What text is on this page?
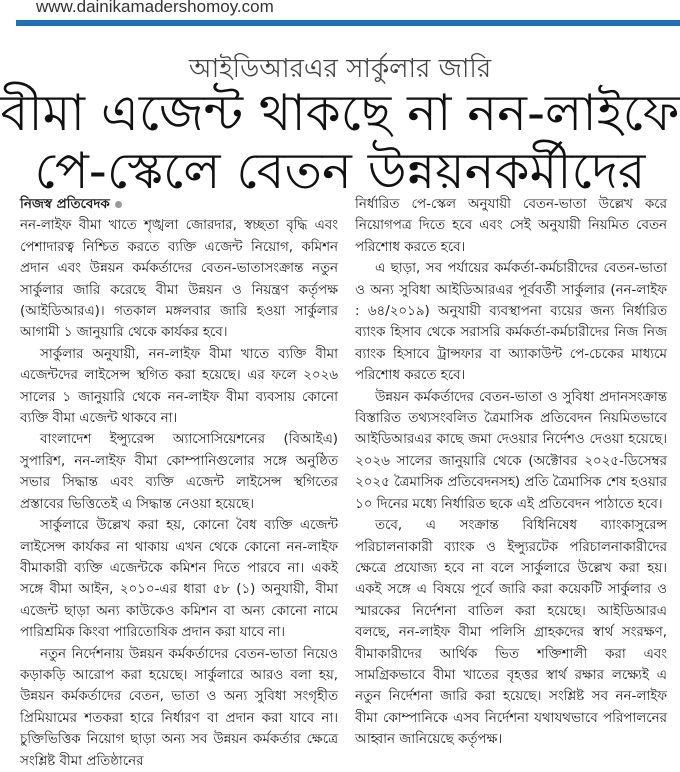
www.dainikamadershomoy.com
আইডিআরএর সার্কুলার জারি
বীমা এজেন্ট থাকছে না নন-লাইফে
পে-স্কেলে বেতন উন্নয়নকর্মীদের
নিজস্ব প্রতিবেদক

নন-লাইফ বীমা খাতে শৃঙ্খলা জোরদার, স্বচ্ছতা বৃদ্ধি এবং পেশাদারত্ব নিশ্চিত করতে ব্যক্তি এজেন্ট নিয়োগ, কমিশন প্রদান এবং উন্নয়ন কর্মকর্তাদের বেতন-ভাতাসংক্রান্ত নতুন সার্কুলার জারি করেছে বীমা উন্নয়ন ও নিয়ন্ত্রণ কর্তৃপক্ষ (আইডিআরএ)। গতকাল মঙ্গলবার জারি হওয়া সার্কুলার আগামী ১ জানুয়ারি থেকে কার্যকর হবে।

সার্কুলার অনুযায়ী, নন-লাইফ বীমা খাতে ব্যক্তি বীমা এজেন্টদের লাইসেন্স স্থগিত করা হয়েছে। এর ফলে ২০২৬ সালের ১ জানুয়ারি থেকে নন-লাইফ বীমা ব্যবসায় কোনো ব্যক্তি বীমা এজেন্ট থাকবে না।

বাংলাদেশ ইন্স্যুরেন্স অ্যাসোসিয়েশনের (বিআইএ) সুপারিশ, নন-লাইফ বীমা কোম্পানিগুলোর সঙ্গে অনুষ্ঠিত সভার সিদ্ধান্ত এবং ব্যক্তি এজেন্ট লাইসেন্স স্থগিতের প্রস্তাবের ভিত্তিতেই এ সিদ্ধান্ত নেওয়া হয়েছে।

সার্কুলারে উল্লেখ করা হয়, কোনো বৈধ ব্যক্তি এজেন্ট লাইসেন্স কার্যকর না থাকায় এখন থেকে কোনো নন-লাইফ বীমাকারী ব্যক্তি এজেন্টকে কমিশন দিতে পারবে না। একই সঙ্গে বীমা আইন, ২০১০-এর ধারা ৫৮ (১) অনুযায়ী, বীমা এজেন্ট ছাড়া অন্য কাউকেও কমিশন বা অন্য কোনো নামে পারিশ্রমিক কিংবা পারিতোষিক প্রদান করা যাবে না।

নতুন নির্দেশনায় উন্নয়ন কর্মকর্তাদের বেতন-ভাতা নিয়েও কড়াকড়ি আরোপ করা হয়েছে। সার্কুলারে আরও বলা হয়, উন্নয়ন কর্মকর্তাদের বেতন, ভাতা ও অন্য সুবিধা সংগৃহীত প্রিমিয়ামের শতকরা হারে নির্ধারণ বা প্রদান করা যাবে না। চুক্তিভিত্তিক নিয়োগ ছাড়া অন্য সব উন্নয়ন কর্মকর্তার ক্ষেত্রে সংশ্লিষ্ট বীমা প্রতিষ্ঠানের

নির্ধারিত পে-স্কেল অনুযায়ী বেতন-ভাতা উল্লেখ করে নিয়োগপত্র দিতে হবে এবং সেই অনুযায়ী নিয়মিত বেতন পরিশোধ করতে হবে।

এ ছাড়া, সব পর্যায়ের কর্মকর্তা-কর্মচারীদের বেতন-ভাতা ও অন্য সুবিধা আইডিআরএর পূর্ববর্তী সার্কুলার (নন-লাইফ : ৬৪/২০১৯) অনুযায়ী ব্যবস্থাপনা ব্যয়ের জন্য নির্ধারিত ব্যাংক হিসাব থেকে সরাসরি কর্মকর্তা-কর্মচারীদের নিজ নিজ ব্যাংক হিসাবে ট্রান্সফার বা অ্যাকাউন্ট পে-চেকের মাধ্যমে পরিশোধ করতে হবে।

উন্নয়ন কর্মকর্তাদের বেতন-ভাতা ও সুবিধা প্রদানসংক্রান্ত বিস্তারিত তথ্যসংবলিত ত্রৈমাসিক প্রতিবেদন নিয়মিতভাবে আইডিআরএর কাছে জমা দেওয়ার নির্দেশও দেওয়া হয়েছে। ২০২৬ সালের জানুয়ারি থেকে (অক্টোবর ২০২৫-ডিসেম্বর ২০২৫ ত্রৈমাসিক প্রতিবেদনসহ) প্রতি ত্রৈমাসিক শেষ হওয়ার ১০ দিনের মধ্যে নির্ধারিত ছকে এই প্রতিবেদন পাঠাতে হবে।

তবে, এ সংক্রান্ত বিধিনিষেধ ব্যাংকাসুরেন্স পরিচালনাকারী ব্যাংক ও ইন্স্যুরটেক পরিচালনাকারীদের ক্ষেত্রে প্রযোজ্য হবে না বলে সার্কুলারে উল্লেখ করা হয়। একই সঙ্গে এ বিষয়ে পূর্বে জারি করা কয়েকটি সার্কুলার ও স্মারকের নির্দেশনা বাতিল করা হয়েছে। আইডিআরএ বলছে, নন-লাইফ বীমা পলিসি গ্রাহকদের স্বার্থ সংরক্ষণ, বীমাকারীদের আর্থিক ভিত শক্তিশালী করা এবং সামগ্রিকভাবে বীমা খাতের বৃহত্তর স্বার্থ রক্ষার লক্ষ্যেই এ নতুন নির্দেশনা জারি করা হয়েছে। সংশ্লিষ্ট সব নন-লাইফ বীমা কোম্পানিকে এসব নির্দেশনা যথাযথভাবে পরিপালনের আহ্বান জানিয়েছে কর্তৃপক্ষ।
